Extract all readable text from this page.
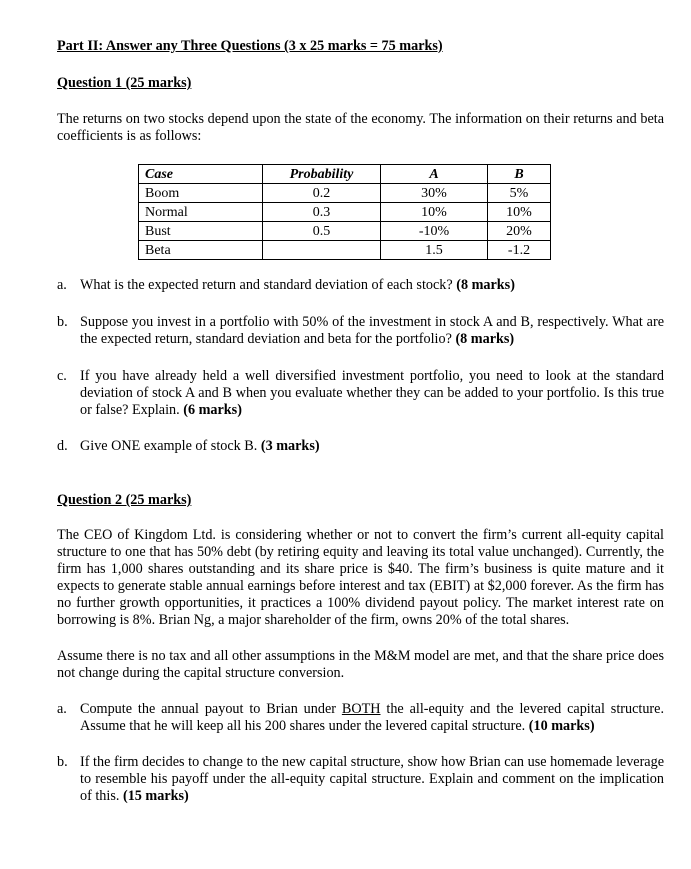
Part II: Answer any Three Questions (3 x 25 marks = 75 marks)

Question 1 (25 marks)

The returns on two stocks depend upon the state of the economy. The information on their returns and beta coefficients is as follows:

Case	Probability	A	B
Boom	0.2	30%	5%
Normal	0.3	10%	10%
Bust	0.5	-10%	20%
Beta		1.5	-1.2
a. What is the expected return and standard deviation of each stock? (8 marks)
b. Suppose you invest in a portfolio with 50% of the investment in stock A and B, respectively. What are the expected return, standard deviation and beta for the portfolio? (8 marks)
c. If you have already held a well diversified investment portfolio, you need to look at the standard deviation of stock A and B when you evaluate whether they can be added to your portfolio. Is this true or false? Explain. (6 marks)
d. Give ONE example of stock B. (3 marks)

Question 2 (25 marks)

The CEO of Kingdom Ltd. is considering whether or not to convert the firm’s current all-equity capital structure to one that has 50% debt (by retiring equity and leaving its total value unchanged). Currently, the firm has 1,000 shares outstanding and its share price is $40. The firm’s business is quite mature and it expects to generate stable annual earnings before interest and tax (EBIT) at $2,000 forever. As the firm has no further growth opportunities, it practices a 100% dividend payout policy. The market interest rate on borrowing is 8%. Brian Ng, a major shareholder of the firm, owns 20% of the total shares.

Assume there is no tax and all other assumptions in the M&M model are met, and that the share price does not change during the capital structure conversion.

a. Compute the annual payout to Brian under BOTH the all-equity and the levered capital structure. Assume that he will keep all his 200 shares under the levered capital structure. (10 marks)
b. If the firm decides to change to the new capital structure, show how Brian can use homemade leverage to resemble his payoff under the all-equity capital structure. Explain and comment on the implication of this. (15 marks)
